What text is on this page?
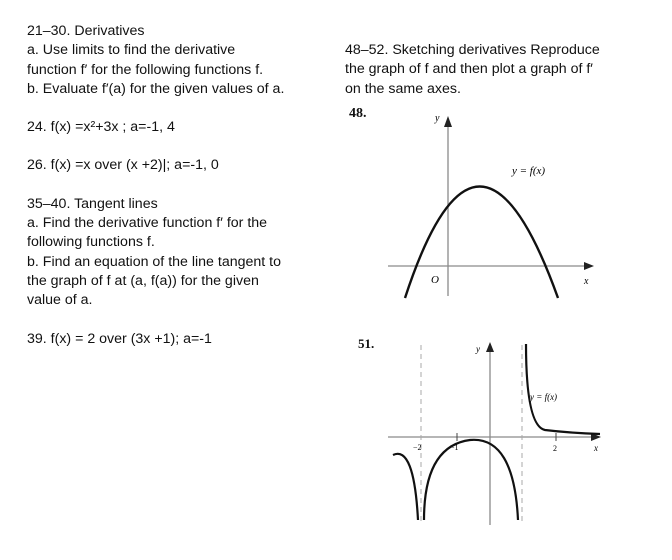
21–30. Derivatives

a. Use limits to find the derivative

function f′ for the following functions f.

b. Evaluate f′(a) for the given values of a.

24. f(x) =x²+3x ; a=-1, 4

26. f(x) =x over (x +2)|; a=-1, 0

35–40. Tangent lines

a. Find the derivative function f′ for the

following functions f.

b. Find an equation of the line tangent to

the graph of f at (a, f(a)) for the given

value of a.

39. f(x) = 2 over (3x +1); a=-1

48–52. Sketching derivatives Reproduce

the graph of f and then plot a graph of f′

on the same axes.

48.
51.
y
x
O
y = f(x)
y
x
y = f(x)
−2	−1	2
